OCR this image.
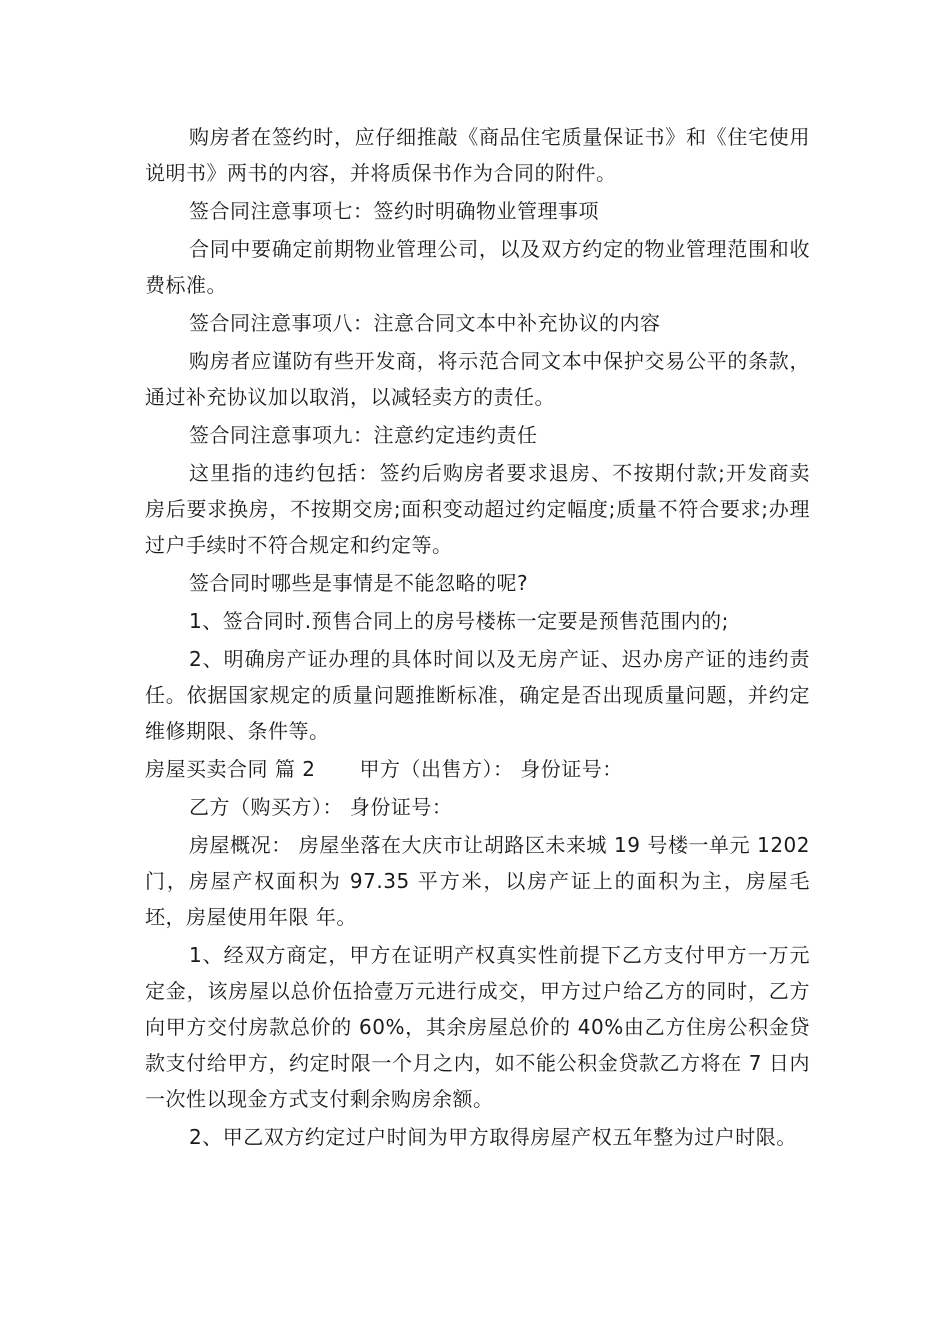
购房者在签约时，应仔细推敲《商品住宅质量保证书》和《住宅使用说明书》两书的内容，并将质保书作为合同的附件。

签合同注意事项七：签约时明确物业管理事项

合同中要确定前期物业管理公司，以及双方约定的物业管理范围和收费标准。

签合同注意事项八：注意合同文本中补充协议的内容

购房者应谨防有些开发商，将示范合同文本中保护交易公平的条款，通过补充协议加以取消，以减轻卖方的责任。

签合同注意事项九：注意约定违约责任

这里指的违约包括：签约后购房者要求退房、不按期付款;开发商卖房后要求换房，不按期交房;面积变动超过约定幅度;质量不符合要求;办理过户手续时不符合规定和约定等。

签合同时哪些是事情是不能忽略的呢?

1、签合同时.预售合同上的房号楼栋一定要是预售范围内的;

2、明确房产证办理的具体时间以及无房产证、迟办房产证的违约责任。依据国家规定的质量问题推断标准，确定是否出现质量问题，并约定维修期限、条件等。

房屋买卖合同 篇 2 甲方（出售方）： 身份证号：

乙方（购买方）： 身份证号：

房屋概况： 房屋坐落在大庆市让胡路区未来城 19 号楼一单元 1202 门，房屋产权面积为 97.35 平方米，以房产证上的面积为主，房屋毛坯，房屋使用年限 年。

1、经双方商定，甲方在证明产权真实性前提下乙方支付甲方一万元定金，该房屋以总价伍拾壹万元进行成交，甲方过户给乙方的同时，乙方向甲方交付房款总价的 60%，其余房屋总价的 40%由乙方住房公积金贷款支付给甲方，约定时限一个月之内，如不能公积金贷款乙方将在 7 日内一次性以现金方式支付剩余购房余额。

2、甲乙双方约定过户时间为甲方取得房屋产权五年整为过户时限。
